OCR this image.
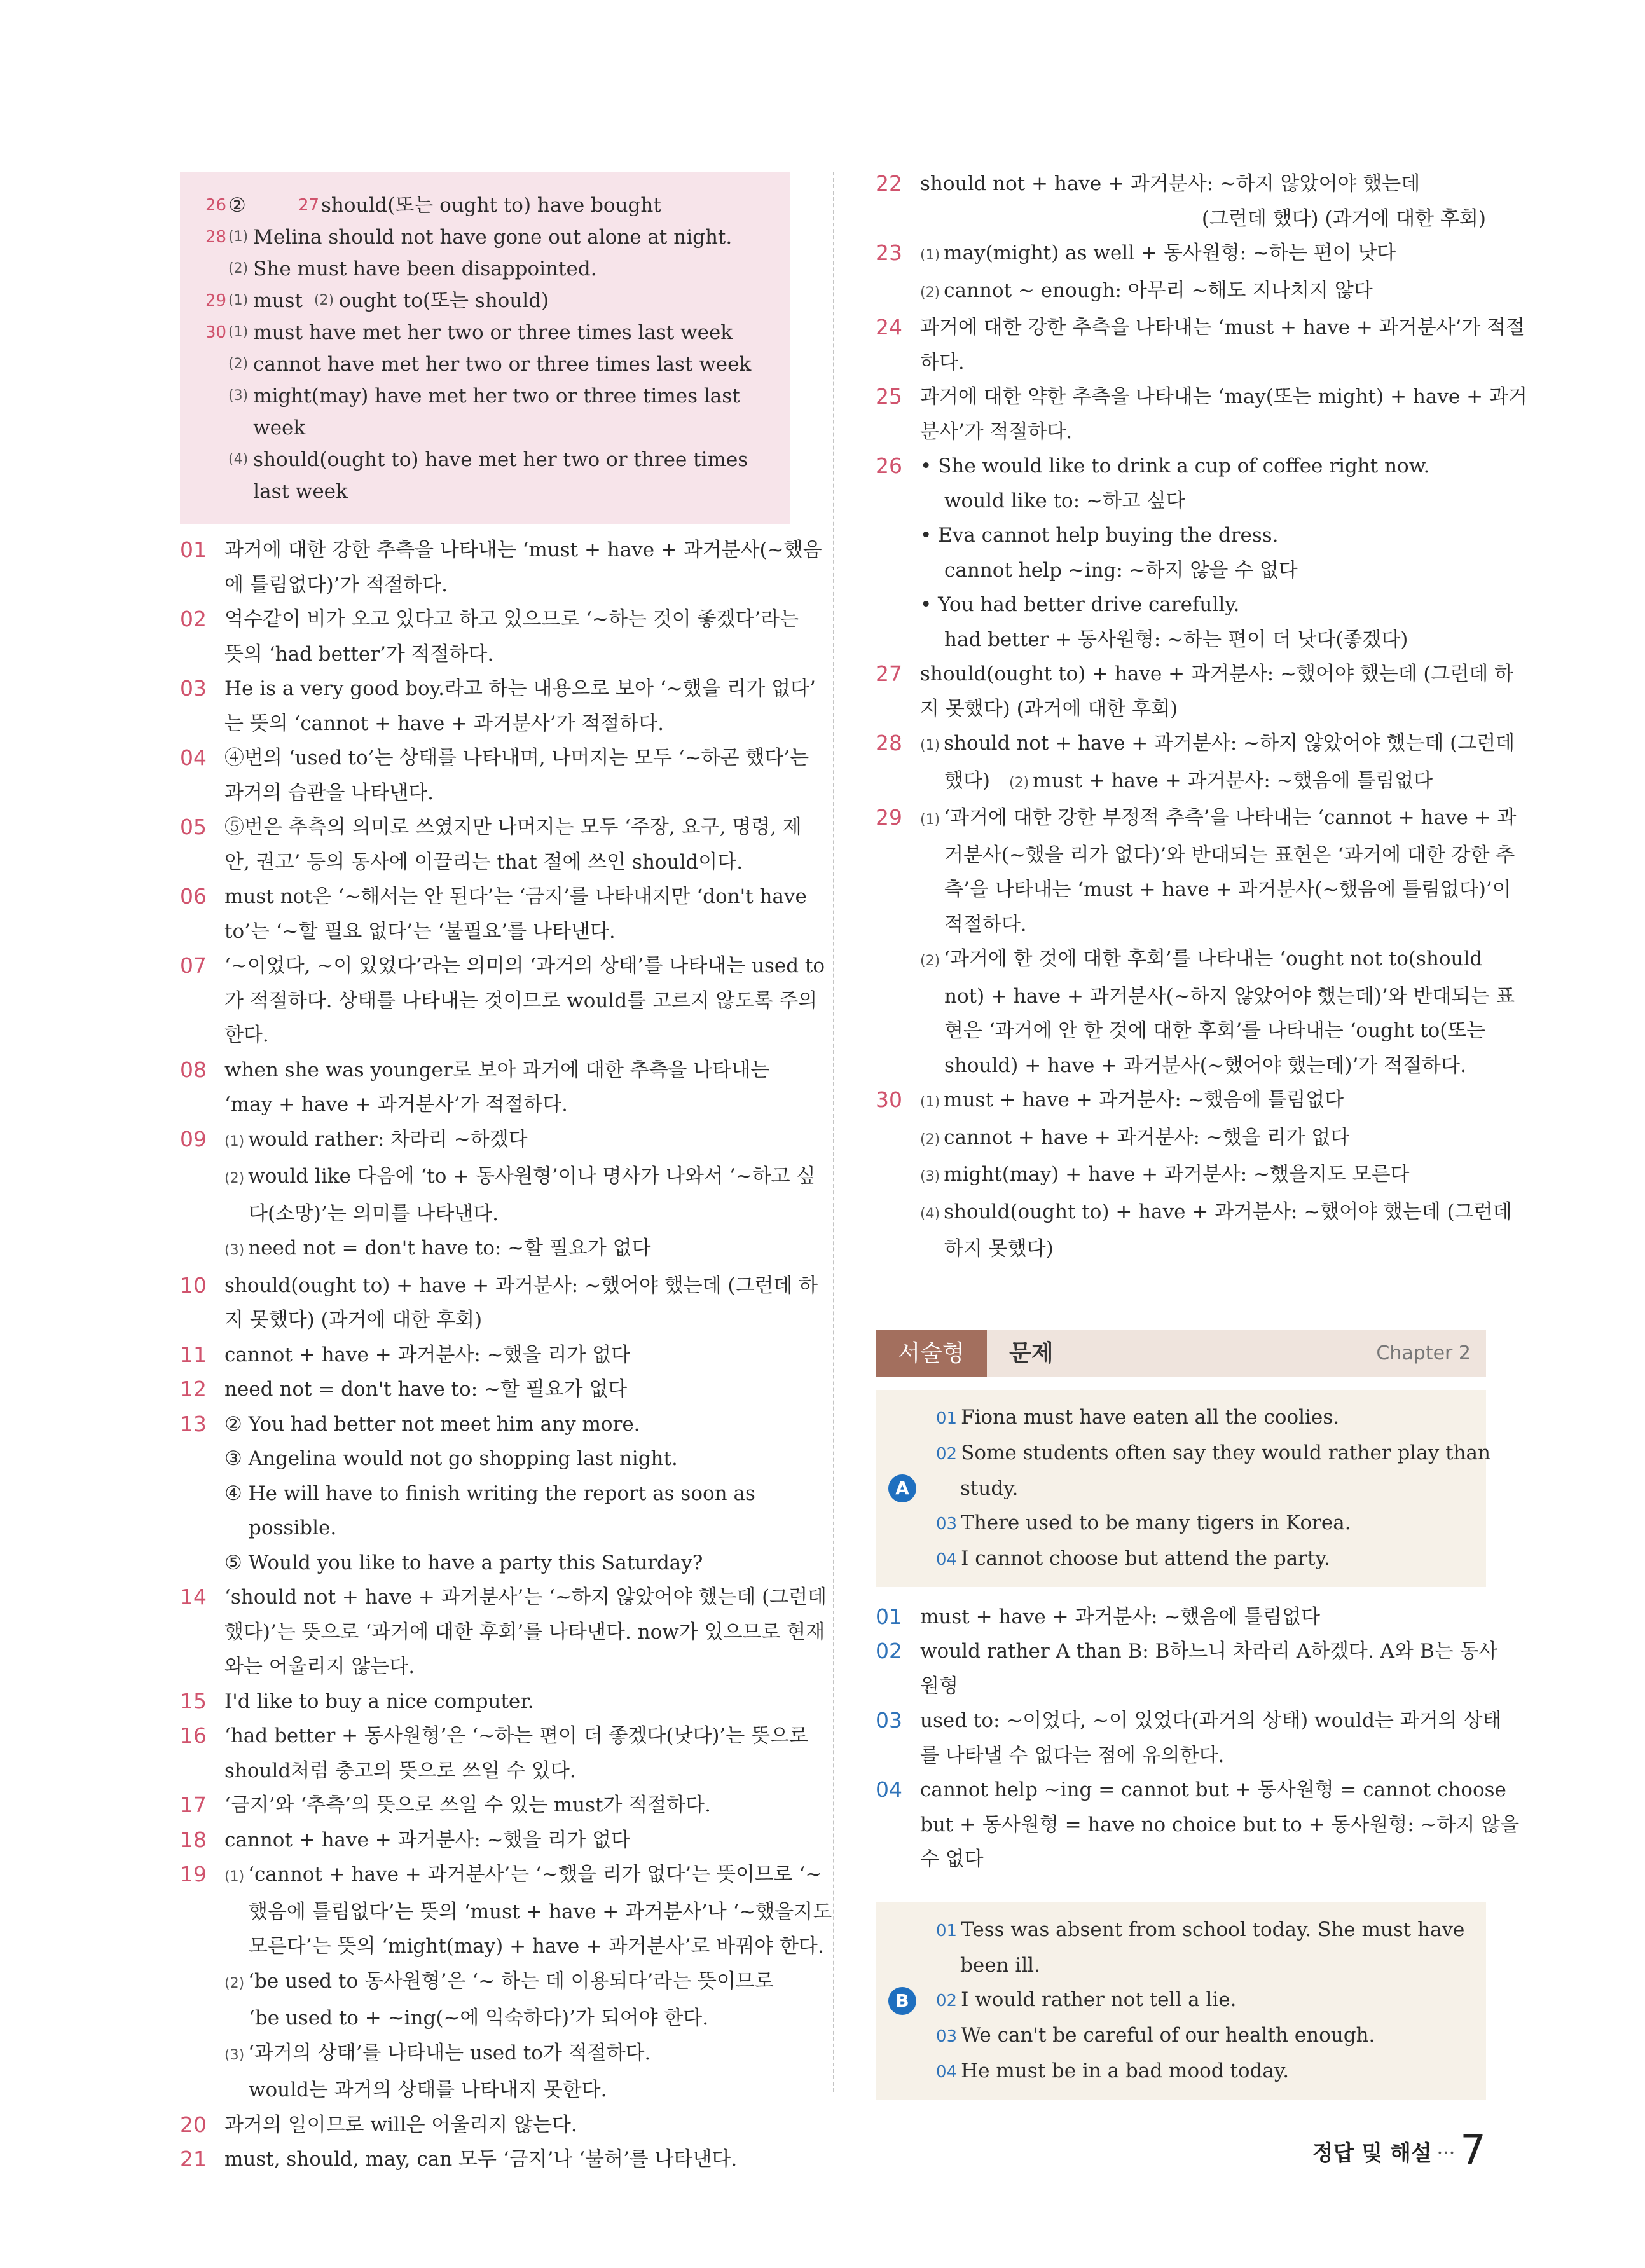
26 ②	27 should(또는 ought to) have bought
28 (1) Melina should not have gone out alone at night.
(2) She must have been disappointed.
29 (1) must (2) ought to(또는 should)
30 (1) must have met her two or three times last week
(2) cannot have met her two or three times last week
(3) might(may) have met her two or three times last week
(4) should(ought to) have met her two or three times last week
01 과거에 대한 강한 추측을 나타내는 ‘must + have + 과거분사(~했음
에 틀림없다)’가 적절하다.
02 억수같이 비가 오고 있다고 하고 있으므로 ‘~하는 것이 좋겠다’라는
뜻의 ‘had better’가 적절하다.
03 He is a very good boy.라고 하는 내용으로 보아 ‘~했을 리가 없다’
는 뜻의 ‘cannot + have + 과거분사’가 적절하다.
04 ④번의 ‘used to’는 상태를 나타내며, 나머지는 모두 ‘~하곤 했다’는
과거의 습관을 나타낸다.
05 ⑤번은 추측의 의미로 쓰였지만 나머지는 모두 ‘주장, 요구, 명령, 제
안, 권고’ 등의 동사에 이끌리는 that 절에 쓰인 should이다.
06 must not은 ‘~해서는 안 된다’는 ‘금지’를 나타내지만 ‘don't have
to’는 ‘~할 필요 없다’는 ‘불필요’를 나타낸다.
07 ‘~이었다, ~이 있었다’라는 의미의 ‘과거의 상태’를 나타내는 used to
가 적절하다. 상태를 나타내는 것이므로 would를 고르지 않도록 주의
한다.
08 when she was younger로 보아 과거에 대한 추측을 나타내는
‘may + have + 과거분사’가 적절하다.
09	(1) would rather: 차라리 ~하겠다
(2) would like 다음에 ‘to + 동사원형’이나 명사가 나와서 ‘~하고 싶
다(소망)’는 의미를 나타낸다.
(3) need not = don't have to: ~할 필요가 없다
10 should(ought to) + have + 과거분사: ~했어야 했는데 (그런데 하
지 못했다) (과거에 대한 후회)
11 cannot + have + 과거분사: ~했을 리가 없다
12 need not = don't have to: ~할 필요가 없다
13 ② You had better not meet him any more.
③ Angelina would not go shopping last night.
④ He will have to finish writing the report as soon as
possible.
⑤ Would you like to have a party this Saturday?
14 ‘should not + have + 과거분사’는 ‘~하지 않았어야 했는데 (그런데
했다)’는 뜻으로 ‘과거에 대한 후회’를 나타낸다. now가 있으므로 현재
와는 어울리지 않는다.
15 I'd like to buy a nice computer.
16 ‘had better + 동사원형’은 ‘~하는 편이 더 좋겠다(낫다)’는 뜻으로
should처럼 충고의 뜻으로 쓰일 수 있다.
17 ‘금지’와 ‘추측’의 뜻으로 쓰일 수 있는 must가 적절하다.
18 cannot + have + 과거분사: ~했을 리가 없다
19	(1) ‘cannot + have + 과거분사’는 ‘~했을 리가 없다’는 뜻이므로 ‘~
했음에 틀림없다’는 뜻의 ‘must + have + 과거분사’나 ‘~했을지도
모른다’는 뜻의 ‘might(may) + have + 과거분사’로 바꿔야 한다.
(2) ‘be used to 동사원형’은 ‘~ 하는 데 이용되다’라는 뜻이므로
‘be used to + ~ing(~에 익숙하다)’가 되어야 한다.
(3) ‘과거의 상태’를 나타내는 used to가 적절하다.
would는 과거의 상태를 나타내지 못한다.
20 과거의 일이므로 will은 어울리지 않는다.
21 must, should, may, can 모두 ‘금지’나 ‘불허’를 나타낸다.
22 should not + have + 과거분사: ~하지 않았어야 했는데
(그런데 했다) (과거에 대한 후회)
23	(1) may(might) as well + 동사원형: ~하는 편이 낫다
(2) cannot ~ enough: 아무리 ~해도 지나치지 않다
24 과거에 대한 강한 추측을 나타내는 ‘must + have + 과거분사’가 적절
하다.
25 과거에 대한 약한 추측을 나타내는 ‘may(또는 might) + have + 과거
분사’가 적절하다.
26 • She would like to drink a cup of coffee right now.
would like to: ~하고 싶다
• Eva cannot help buying the dress.
cannot help ~ing: ~하지 않을 수 없다
• You had better drive carefully.
had better + 동사원형: ~하는 편이 더 낫다(좋겠다)
27 should(ought to) + have + 과거분사: ~했어야 했는데 (그런데 하
지 못했다) (과거에 대한 후회)
28	(1) should not + have + 과거분사: ~하지 않았어야 했는데 (그런데
했다) (2) must + have + 과거분사: ~했음에 틀림없다
29	(1) ‘과거에 대한 강한 부정적 추측’을 나타내는 ‘cannot + have + 과
거분사(~했을 리가 없다)’와 반대되는 표현은 ‘과거에 대한 강한 추
측’을 나타내는 ‘must + have + 과거분사(~했음에 틀림없다)’이
적절하다.
(2) ‘과거에 한 것에 대한 후회’를 나타내는 ‘ought not to(should
not) + have + 과거분사(~하지 않았어야 했는데)’와 반대되는 표
현은 ‘과거에 안 한 것에 대한 후회’를 나타내는 ‘ought to(또는
should) + have + 과거분사(~했어야 했는데)’가 적절하다.
30	(1) must + have + 과거분사: ~했음에 틀림없다
(2) cannot + have + 과거분사: ~했을 리가 없다
(3) might(may) + have + 과거분사: ~했을지도 모른다
(4) should(ought to) + have + 과거분사: ~했어야 했는데 (그런데
하지 못했다)
서술형	문제	Chapter 2
A
01 Fiona must have eaten all the coolies.
02 Some students often say they would rather play than
study.
03 There used to be many tigers in Korea.
04 I cannot choose but attend the party.
01 must + have + 과거분사: ~했음에 틀림없다
02 would rather A than B: B하느니 차라리 A하겠다. A와 B는 동사
원형
03 used to: ~이었다, ~이 있었다(과거의 상태) would는 과거의 상태
를 나타낼 수 없다는 점에 유의한다.
04 cannot help ~ing = cannot but + 동사원형 = cannot choose
but + 동사원형 = have no choice but to + 동사원형: ~하지 않을
수 없다
B
01 Tess was absent from school today. She must have
been ill.
02 I would rather not tell a lie.
03 We can't be careful of our health enough.
04 He must be in a bad mood today.
정답 및 해설 ··· 7
